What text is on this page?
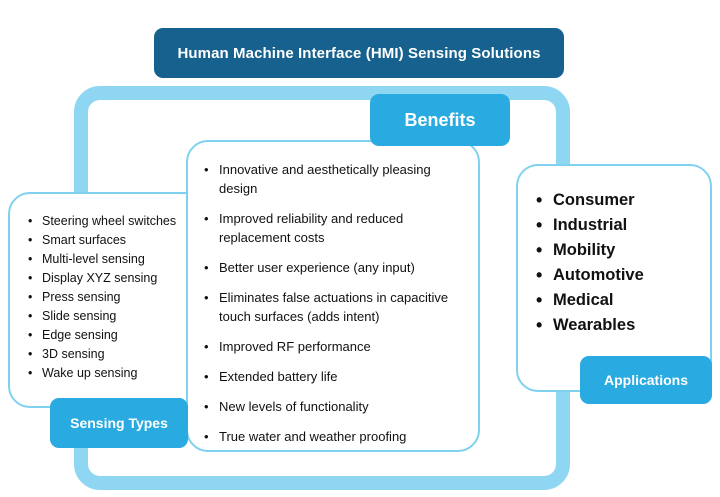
Human Machine Interface (HMI) Sensing Solutions
Benefits
Sensing Types
Applications
• Steering wheel switches
• Smart surfaces
• Multi-level sensing
• Display XYZ sensing
• Press sensing
• Slide sensing
• Edge sensing
• 3D sensing
• Wake up sensing
• Innovative and aesthetically pleasing design
• Improved reliability and reduced replacement costs
• Better user experience (any input)
• Eliminates false actuations in capacitive touch surfaces (adds intent)
• Improved RF performance
• Extended battery life
• New levels of functionality
• True water and weather proofing
• Consumer
• Industrial
• Mobility
• Automotive
• Medical
• Wearables
